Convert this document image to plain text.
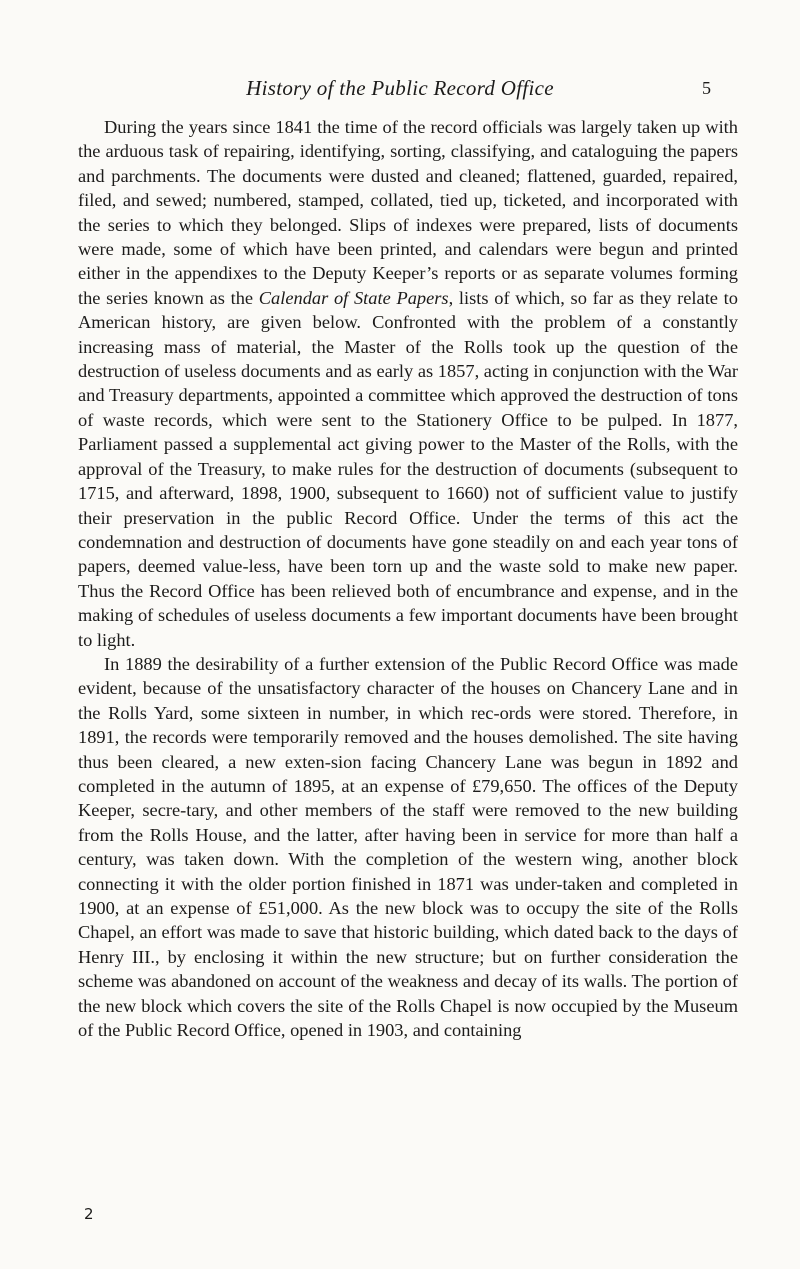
History of the Public Record Office	5

During the years since 1841 the time of the record officials was largely taken up with the arduous task of repairing, identifying, sorting, classifying, and cataloguing the papers and parchments. The documents were dusted and cleaned; flattened, guarded, repaired, filed, and sewed; numbered, stamped, collated, tied up, ticketed, and incorporated with the series to which they belonged. Slips of indexes were prepared, lists of documents were made, some of which have been printed, and calendars were begun and printed either in the appendixes to the Deputy Keeper’s reports or as separate volumes forming the series known as the Calendar of State Papers, lists of which, so far as they relate to American history, are given below. Confronted with the problem of a constantly increasing mass of material, the Master of the Rolls took up the question of the destruction of useless documents and as early as 1857, acting in conjunction with the War and Treasury departments, appointed a committee which approved the destruction of tons of waste records, which were sent to the Stationery Office to be pulped. In 1877, Parliament passed a supplemental act giving power to the Master of the Rolls, with the approval of the Treasury, to make rules for the destruction of documents (subsequent to 1715, and afterward, 1898, 1900, subsequent to 1660) not of sufficient value to justify their preservation in the public Record Office. Under the terms of this act the condemnation and destruction of documents have gone steadily on and each year tons of papers, deemed value-less, have been torn up and the waste sold to make new paper. Thus the Record Office has been relieved both of encumbrance and expense, and in the making of schedules of useless documents a few important documents have been brought to light.

In 1889 the desirability of a further extension of the Public Record Office was made evident, because of the unsatisfactory character of the houses on Chancery Lane and in the Rolls Yard, some sixteen in number, in which rec-ords were stored. Therefore, in 1891, the records were temporarily removed and the houses demolished. The site having thus been cleared, a new exten-sion facing Chancery Lane was begun in 1892 and completed in the autumn of 1895, at an expense of £79,650. The offices of the Deputy Keeper, secre-tary, and other members of the staff were removed to the new building from the Rolls House, and the latter, after having been in service for more than half a century, was taken down. With the completion of the western wing, another block connecting it with the older portion finished in 1871 was under-taken and completed in 1900, at an expense of £51,000. As the new block was to occupy the site of the Rolls Chapel, an effort was made to save that historic building, which dated back to the days of Henry III., by enclosing it within the new structure; but on further consideration the scheme was abandoned on account of the weakness and decay of its walls. The portion of the new block which covers the site of the Rolls Chapel is now occupied by the Museum of the Public Record Office, opened in 1903, and containing

2
